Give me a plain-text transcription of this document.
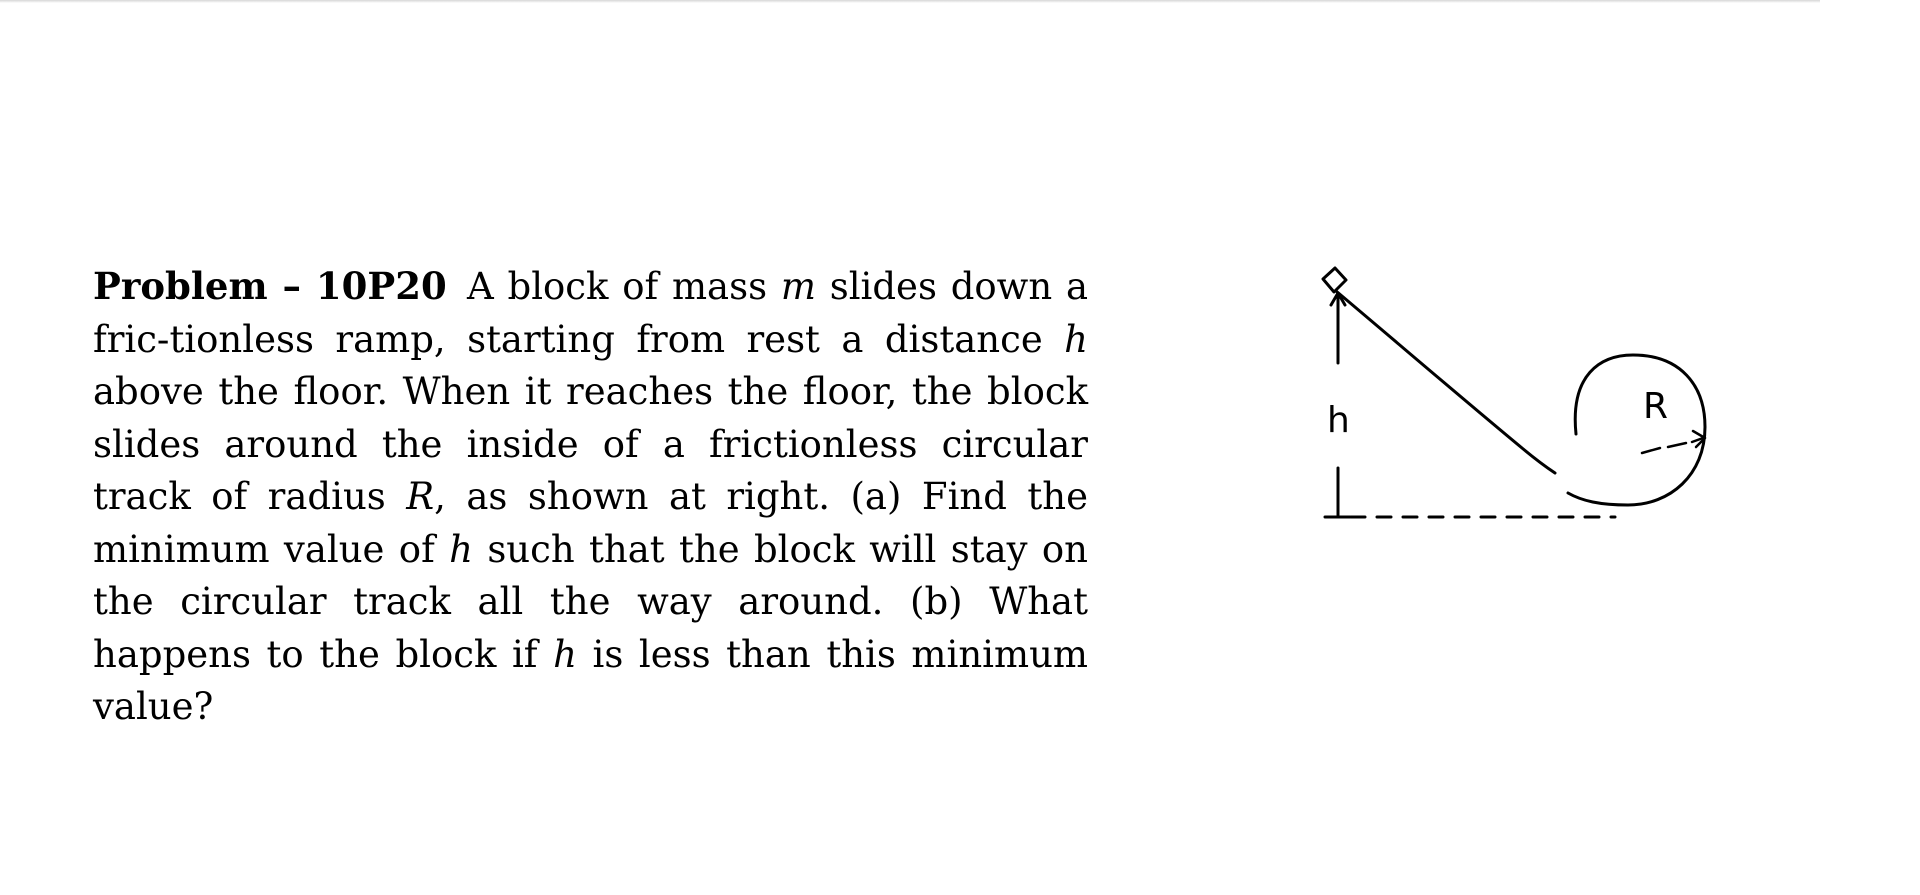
Problem – 10P20 A block of mass m slides down a fric-tionless ramp, starting from rest a distance h above the floor. When it reaches the floor, the block slides around the inside of a frictionless circular track of radius R, as shown at right. (a) Find the minimum value of h such that the block will stay on the circular track all the way around. (b) What happens to the block if h is less than this minimum value?

h	R
